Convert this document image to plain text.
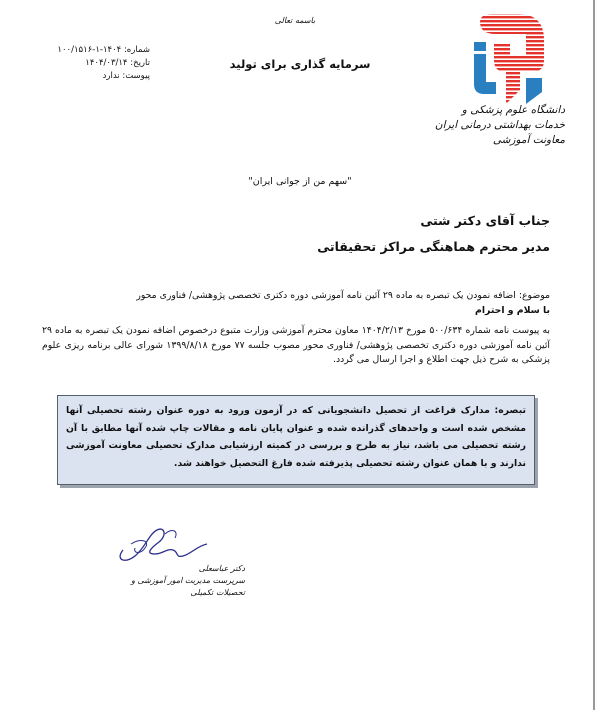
دانشگاه علوم پزشکی و خدمات بهداشتی درمانی ایران
معاونت آموزشی
باسمه تعالی
سرمایه گذاری برای تولید
شماره: ۱۴۰۴-۱-۱۰۰/۱۵۱۶
تاریخ: ۱۴۰۴/۰۳/۱۴
پیوست: ندارد
"سهم من از جوانی ایران"
جناب آقای دکتر شتی
مدیر محترم هماهنگی مراکز تحقیقاتی

موضوع: اضافه نمودن یک تبصره به ماده ۲۹ آئین نامه آموزشی دوره دکتری تخصصی پژوهشی/ فناوری محور

با سلام و احترام

به پیوست نامه شماره ۵۰۰/۶۳۴ مورخ ۱۴۰۴/۲/۱۳ معاون محترم آموزشی وزارت متبوع درخصوص اضافه نمودن یک تبصره به ماده ۲۹ آئین نامه آموزشی دوره دکتری تخصصی پژوهشی/ فناوری محور مصوب جلسه ۷۷ مورخ ۱۳۹۹/۸/۱۸ شورای عالی برنامه ریزی علوم پزشکی به شرح ذیل جهت اطلاع و اجرا ارسال می گردد.

تبصره: مدارک فراغت از تحصیل دانشجویانی که در آزمون ورود به دوره عنوان رشته تحصیلی آنها مشخص شده است و واحدهای گذرانده شده و عنوان پایان نامه و مقالات چاپ شده آنها مطابق با آن رشته تحصیلی می باشد، نیاز به طرح و بررسی در کمیته ارزشیابی مدارک تحصیلی معاونت آموزشی ندارند و با همان عنوان رشته تحصیلی پذیرفته شده فارغ التحصیل خواهند شد.
دکتر عباسعلی
سرپرست مدیریت امور آموزشی و تحصیلات تکمیلی
